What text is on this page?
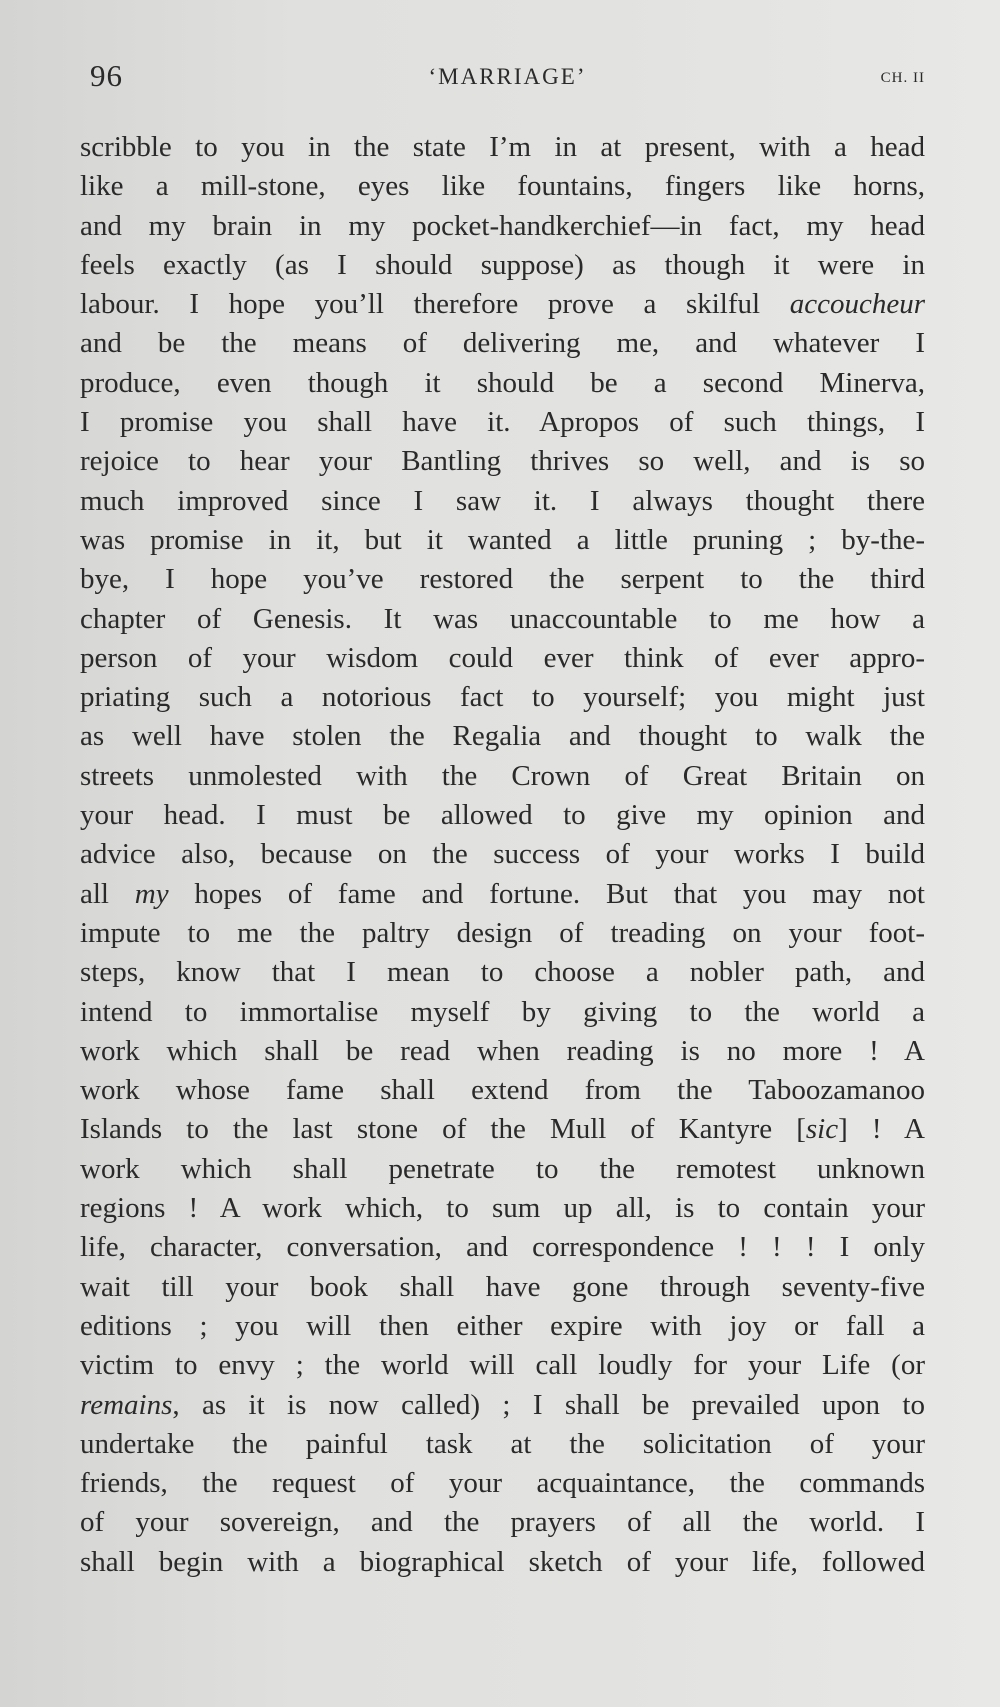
96	‘MARRIAGE’	CH. II
scribble to you in the state I’m in at present, with a head
like a mill-stone, eyes like fountains, fingers like horns,
and my brain in my pocket-handkerchief—in fact, my head
feels exactly (as I should suppose) as though it were in
labour. I hope you’ll therefore prove a skilful accoucheur
and be the means of delivering me, and whatever I
produce, even though it should be a second Minerva,
I promise you shall have it. Apropos of such things, I
rejoice to hear your Bantling thrives so well, and is so
much improved since I saw it. I always thought there
was promise in it, but it wanted a little pruning ; by-the-
bye, I hope you’ve restored the serpent to the third
chapter of Genesis. It was unaccountable to me how a
person of your wisdom could ever think of ever appro-
priating such a notorious fact to yourself; you might just
as well have stolen the Regalia and thought to walk the
streets unmolested with the Crown of Great Britain on
your head. I must be allowed to give my opinion and
advice also, because on the success of your works I build
all my hopes of fame and fortune. But that you may not
impute to me the paltry design of treading on your foot-
steps, know that I mean to choose a nobler path, and
intend to immortalise myself by giving to the world a
work which shall be read when reading is no more ! A
work whose fame shall extend from the Taboozamanoo
Islands to the last stone of the Mull of Kantyre [sic] ! A
work which shall penetrate to the remotest unknown
regions ! A work which, to sum up all, is to contain your
life, character, conversation, and correspondence ! ! ! I only
wait till your book shall have gone through seventy-five
editions ; you will then either expire with joy or fall a
victim to envy ; the world will call loudly for your Life (or
remains, as it is now called) ; I shall be prevailed upon to
undertake the painful task at the solicitation of your
friends, the request of your acquaintance, the commands
of your sovereign, and the prayers of all the world. I
shall begin with a biographical sketch of your life, followed
